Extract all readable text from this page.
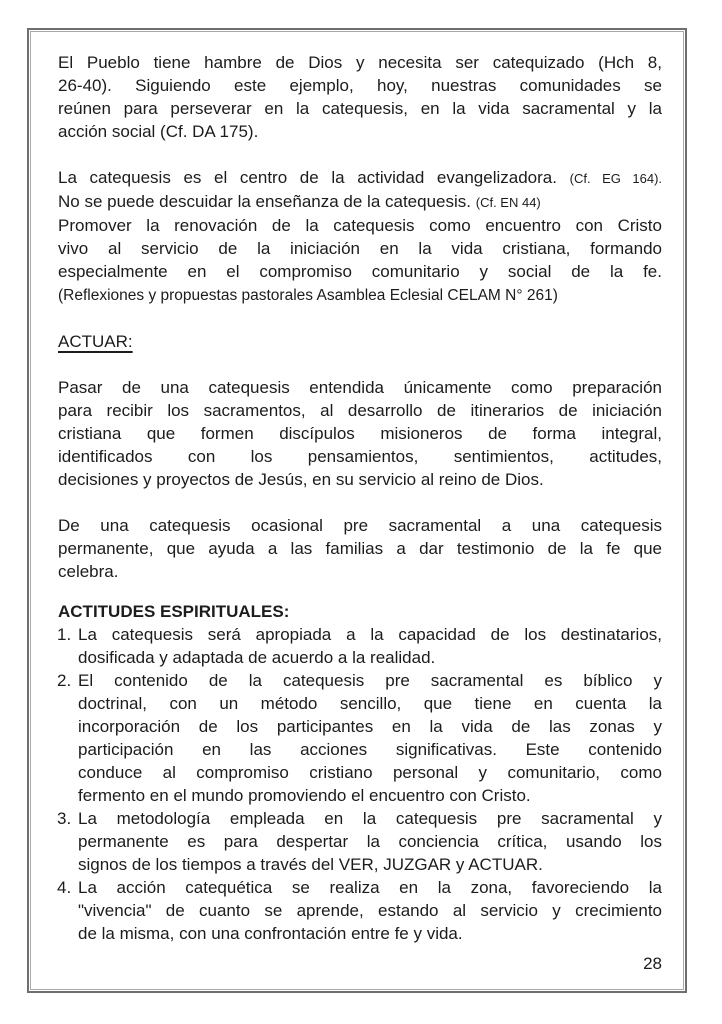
El Pueblo tiene hambre de Dios y necesita ser catequizado (Hch 8,
26-40). Siguiendo este ejemplo, hoy, nuestras comunidades se
reúnen para perseverar en la catequesis, en la vida sacramental y la
acción social (Cf. DA 175).
La catequesis es el centro de la actividad evangelizadora. (Cf. EG 164).
No se puede descuidar la enseñanza de la catequesis. (Cf. EN 44)
Promover la renovación de la catequesis como encuentro con Cristo
vivo al servicio de la iniciación en la vida cristiana, formando
especialmente en el compromiso comunitario y social de la fe.
(Reflexiones y propuestas pastorales Asamblea Eclesial CELAM N° 261)
ACTUAR:
Pasar de una catequesis entendida únicamente como preparación
para recibir los sacramentos, al desarrollo de itinerarios de iniciación
cristiana que formen discípulos misioneros de forma integral,
identificados con los pensamientos, sentimientos, actitudes,
decisiones y proyectos de Jesús, en su servicio al reino de Dios.
De una catequesis ocasional pre sacramental a una catequesis
permanente, que ayuda a las familias a dar testimonio de la fe que
celebra.
ACTITUDES ESPIRITUALES:
1. La catequesis será apropiada a la capacidad de los destinatarios,
dosificada y adaptada de acuerdo a la realidad.
2. El contenido de la catequesis pre sacramental es bíblico y
doctrinal, con un método sencillo, que tiene en cuenta la
incorporación de los participantes en la vida de las zonas y
participación en las acciones significativas. Este contenido
conduce al compromiso cristiano personal y comunitario, como
fermento en el mundo promoviendo el encuentro con Cristo.
3. La metodología empleada en la catequesis pre sacramental y
permanente es para despertar la conciencia crítica, usando los
signos de los tiempos a través del VER, JUZGAR y ACTUAR.
4. La acción catequética se realiza en la zona, favoreciendo la
"vivencia" de cuanto se aprende, estando al servicio y crecimiento
de la misma, con una confrontación entre fe y vida.
28
